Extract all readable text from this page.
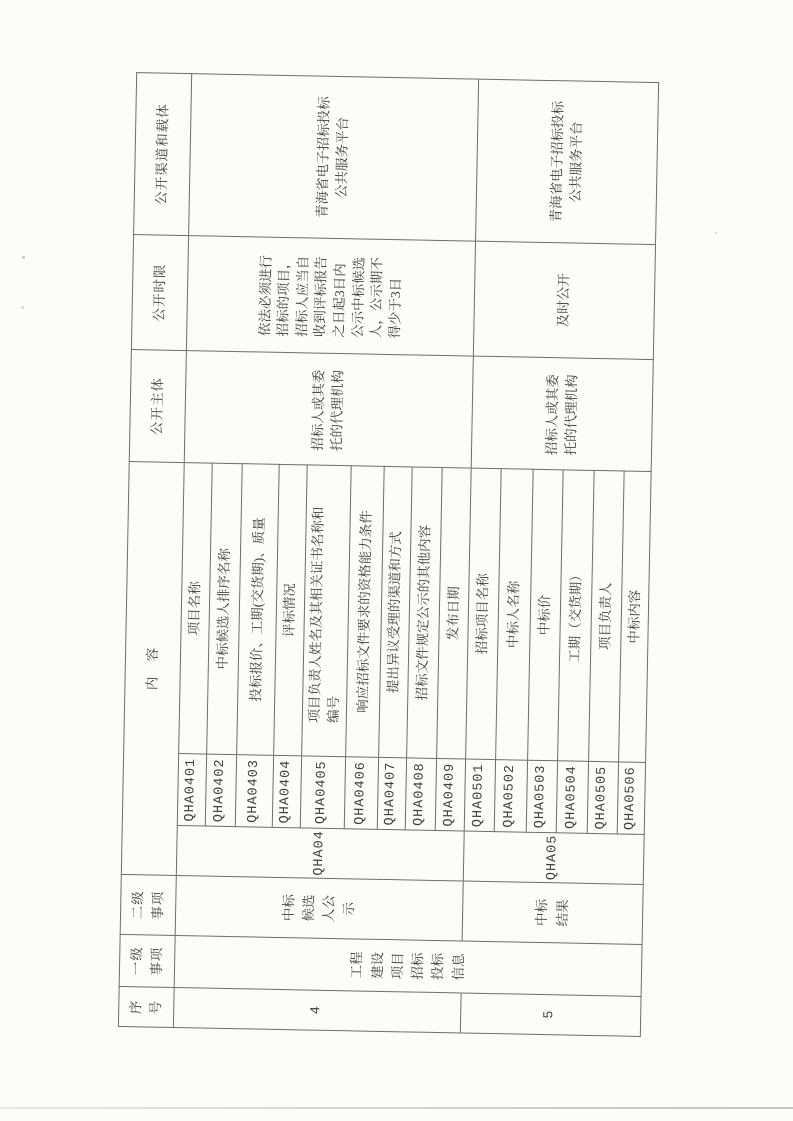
序号	一级事项	二级事项	内　容			公开主体	公开时限	公开渠道和载体
4	工程建设项目招标投标信息	中标候选人公示	QHA04	QHA0401	项目名称	招标人或其委托的代理机构	依法必须进行招标的项目，招标人应当自收到评标报告之日起3日内公示中标候选人，公示期不得少于3日	青海省电子招标投标公共服务平台
				QHA0402	中标候选人排序名称			
				QHA0403	投标报价、工期(交货期)、质量			
				QHA0404	评标情况			
				QHA0405	项目负责人姓名及其相关证书名称和编号			
				QHA0406	响应招标文件要求的资格能力条件			
				QHA0407	提出异议受理的渠道和方式			
				QHA0408	招标文件规定公示的其他内容			
				QHA0409	发布日期			
5		中标结果	QHA05	QHA0501	招标项目名称	招标人或其委托的代理机构	及时公开	青海省电子招标投标公共服务平台
				QHA0502	中标人名称			
				QHA0503	中标价			
				QHA0504	工期（交货期）			
				QHA0505	项目负责人			
				QHA0506	中标内容			
